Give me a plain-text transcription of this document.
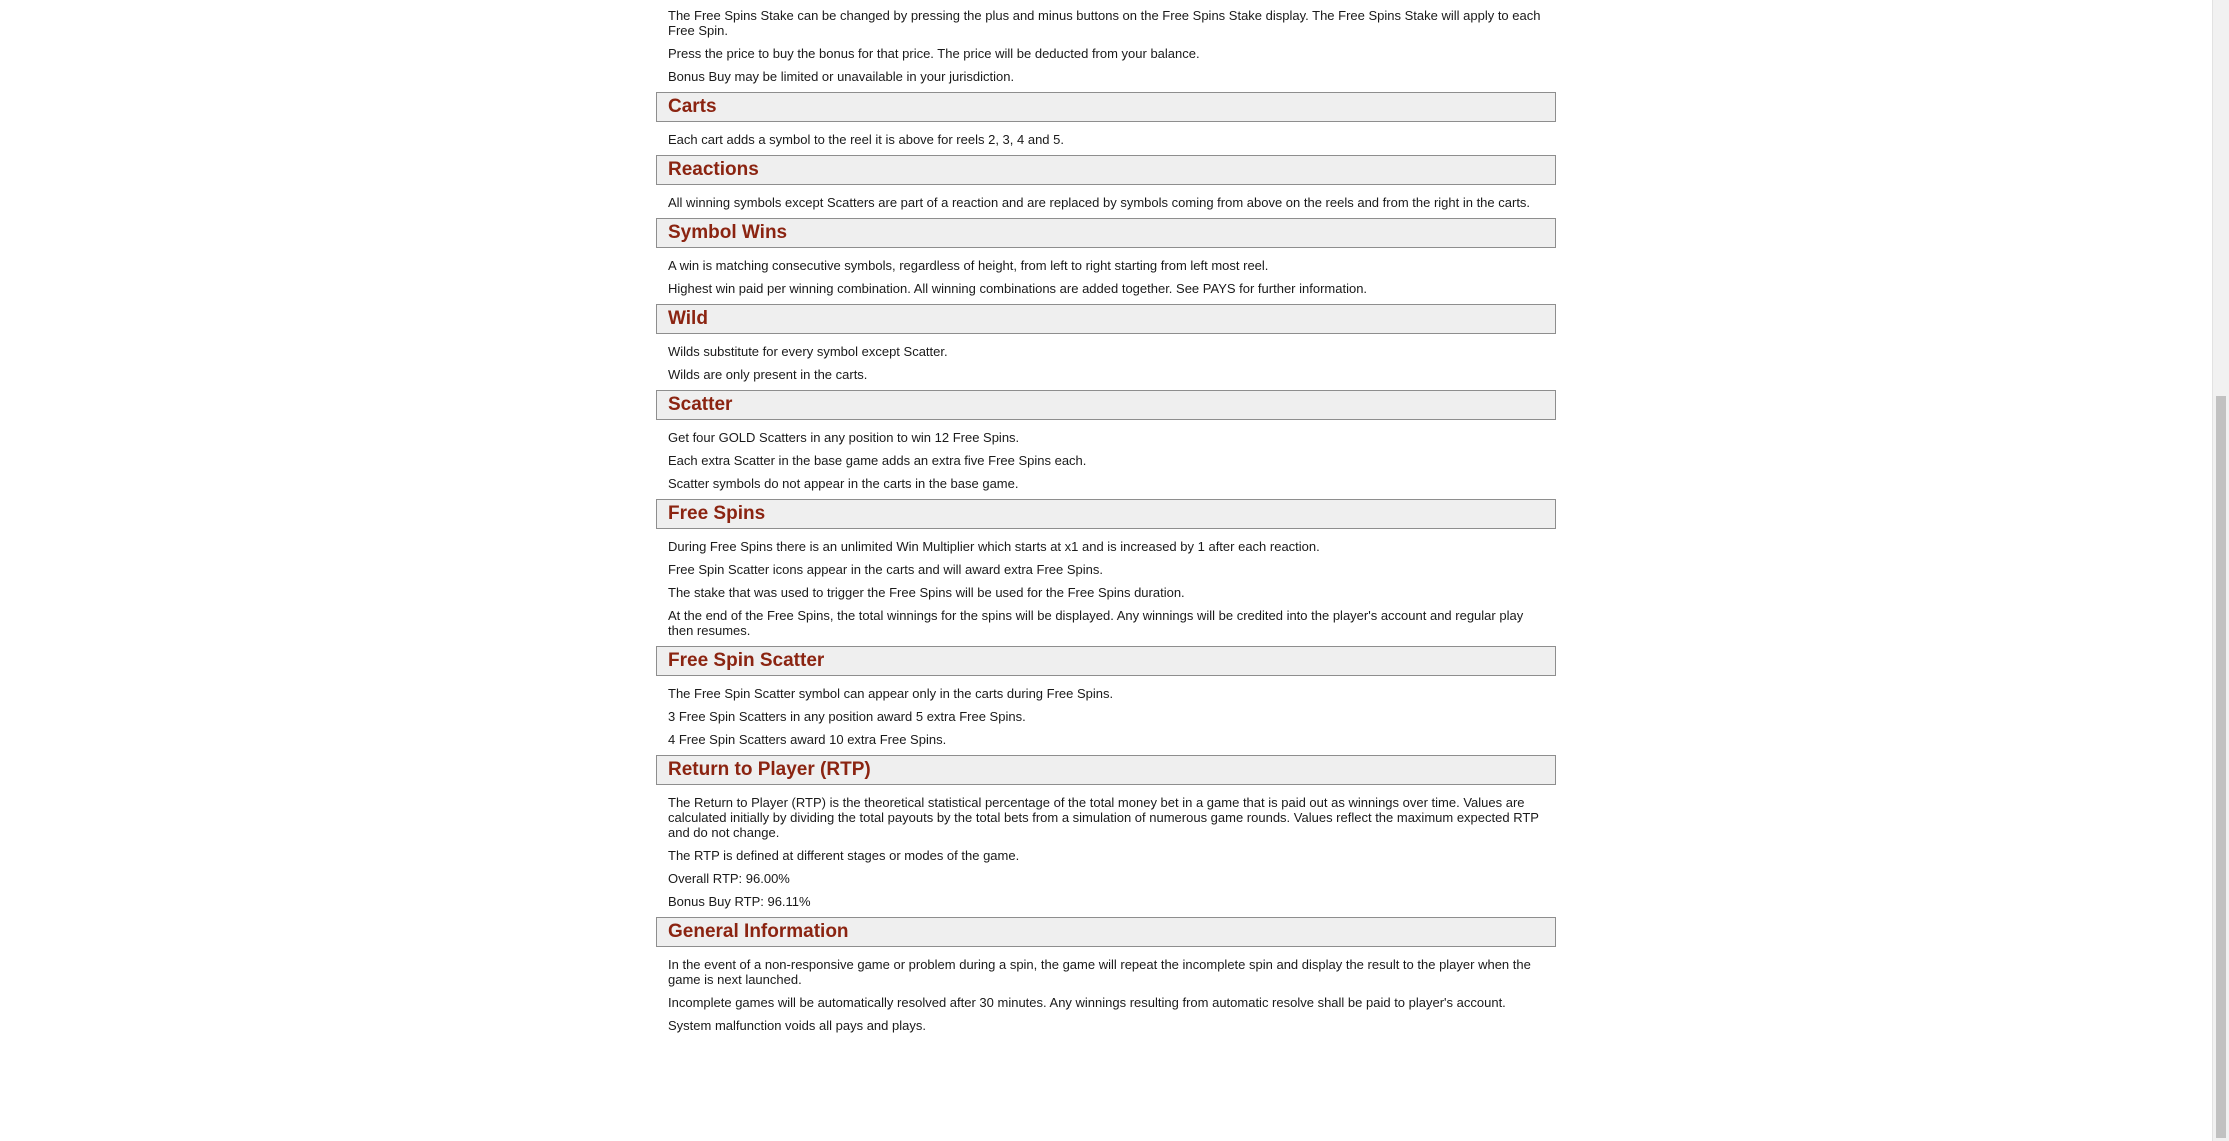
The Free Spins Stake can be changed by pressing the plus and minus buttons on the Free Spins Stake display. The Free Spins Stake will apply to each Free Spin.

Press the price to buy the bonus for that price. The price will be deducted from your balance.

Bonus Buy may be limited or unavailable in your jurisdiction.

Carts

Each cart adds a symbol to the reel it is above for reels 2, 3, 4 and 5.

Reactions

All winning symbols except Scatters are part of a reaction and are replaced by symbols coming from above on the reels and from the right in the carts.

Symbol Wins

A win is matching consecutive symbols, regardless of height, from left to right starting from left most reel.

Highest win paid per winning combination. All winning combinations are added together. See PAYS for further information.

Wild

Wilds substitute for every symbol except Scatter.

Wilds are only present in the carts.

Scatter

Get four GOLD Scatters in any position to win 12 Free Spins.

Each extra Scatter in the base game adds an extra five Free Spins each.

Scatter symbols do not appear in the carts in the base game.

Free Spins

During Free Spins there is an unlimited Win Multiplier which starts at x1 and is increased by 1 after each reaction.

Free Spin Scatter icons appear in the carts and will award extra Free Spins.

The stake that was used to trigger the Free Spins will be used for the Free Spins duration.

At the end of the Free Spins, the total winnings for the spins will be displayed. Any winnings will be credited into the player's account and regular play then resumes.

Free Spin Scatter

The Free Spin Scatter symbol can appear only in the carts during Free Spins.

3 Free Spin Scatters in any position award 5 extra Free Spins.

4 Free Spin Scatters award 10 extra Free Spins.

Return to Player (RTP)

The Return to Player (RTP) is the theoretical statistical percentage of the total money bet in a game that is paid out as winnings over time. Values are calculated initially by dividing the total payouts by the total bets from a simulation of numerous game rounds. Values reflect the maximum expected RTP and do not change.

The RTP is defined at different stages or modes of the game.

Overall RTP: 96.00%

Bonus Buy RTP: 96.11%

General Information

In the event of a non-responsive game or problem during a spin, the game will repeat the incomplete spin and display the result to the player when the game is next launched.

Incomplete games will be automatically resolved after 30 minutes. Any winnings resulting from automatic resolve shall be paid to player's account.

System malfunction voids all pays and plays.
